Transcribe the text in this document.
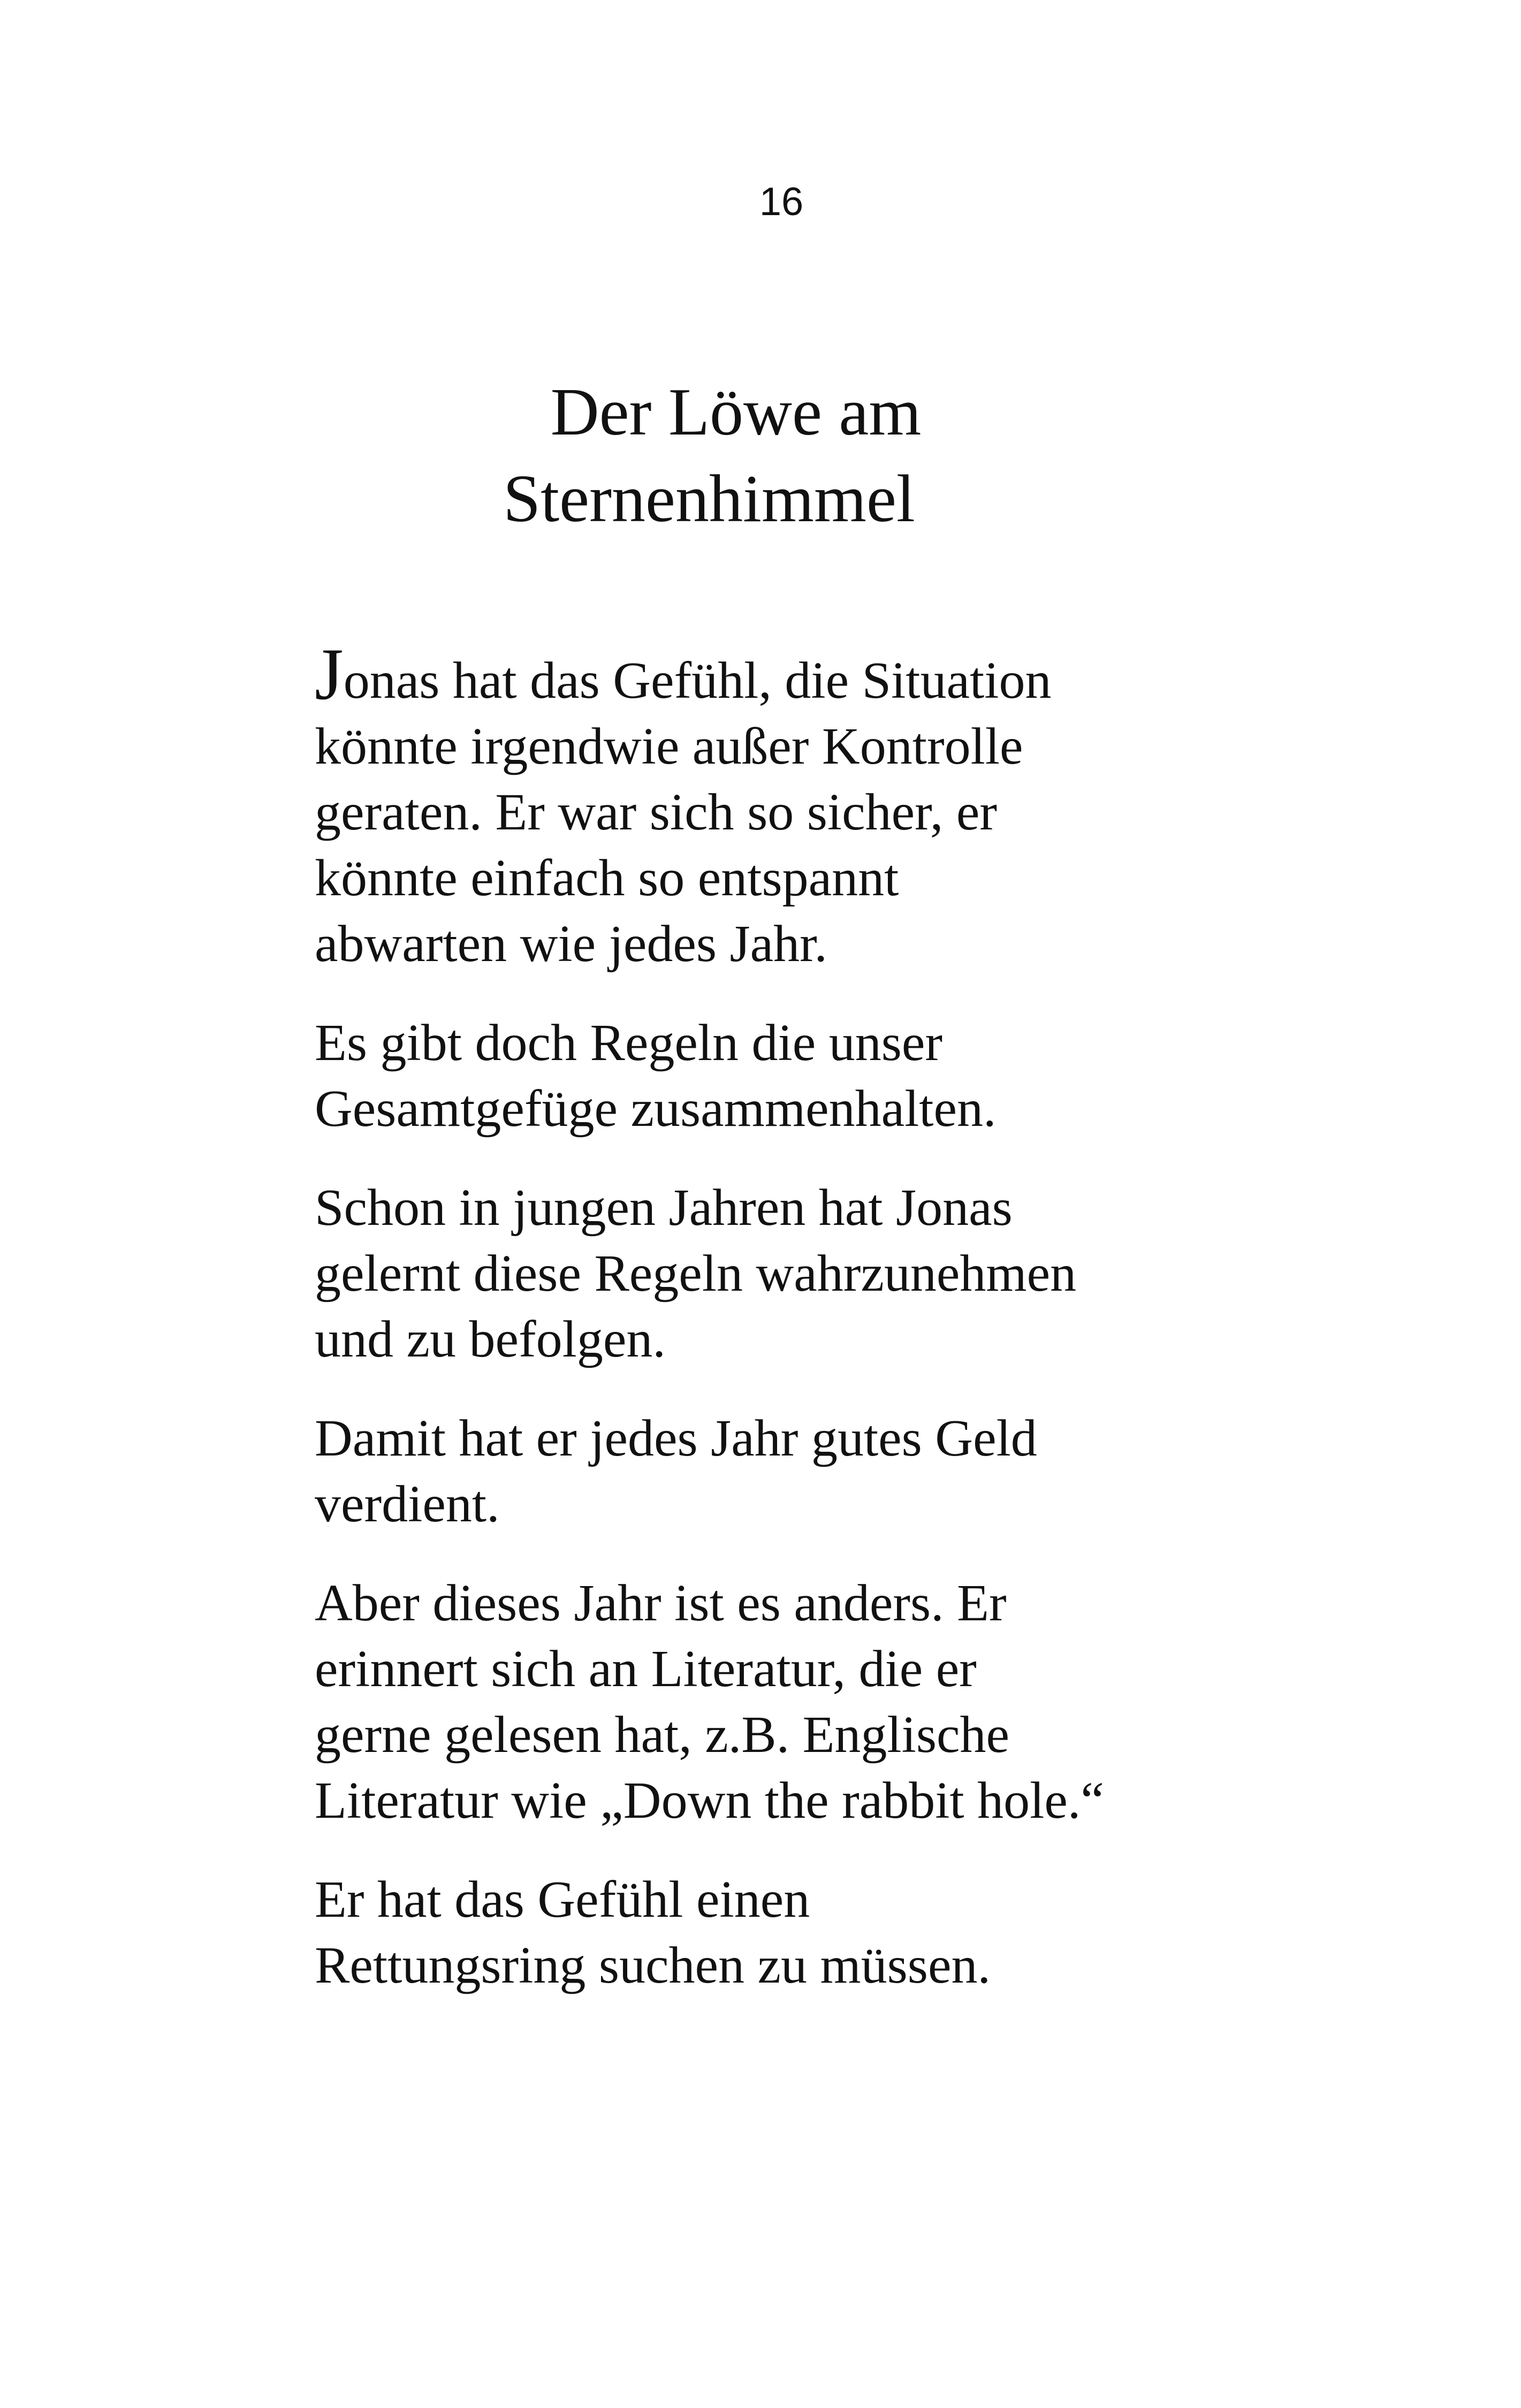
16
Der Löwe am
Sternenhimmel

Jonas hat das Gefühl, die Situation
könnte irgendwie außer Kontrolle
geraten. Er war sich so sicher, er
könnte einfach so entspannt
abwarten wie jedes Jahr.

Es gibt doch Regeln die unser
Gesamtgefüge zusammenhalten.

Schon in jungen Jahren hat Jonas
gelernt diese Regeln wahrzunehmen
und zu befolgen.

Damit hat er jedes Jahr gutes Geld
verdient.

Aber dieses Jahr ist es anders. Er
erinnert sich an Literatur, die er
gerne gelesen hat, z.B. Englische
Literatur wie „Down the rabbit hole.“

Er hat das Gefühl einen
Rettungsring suchen zu müssen.
